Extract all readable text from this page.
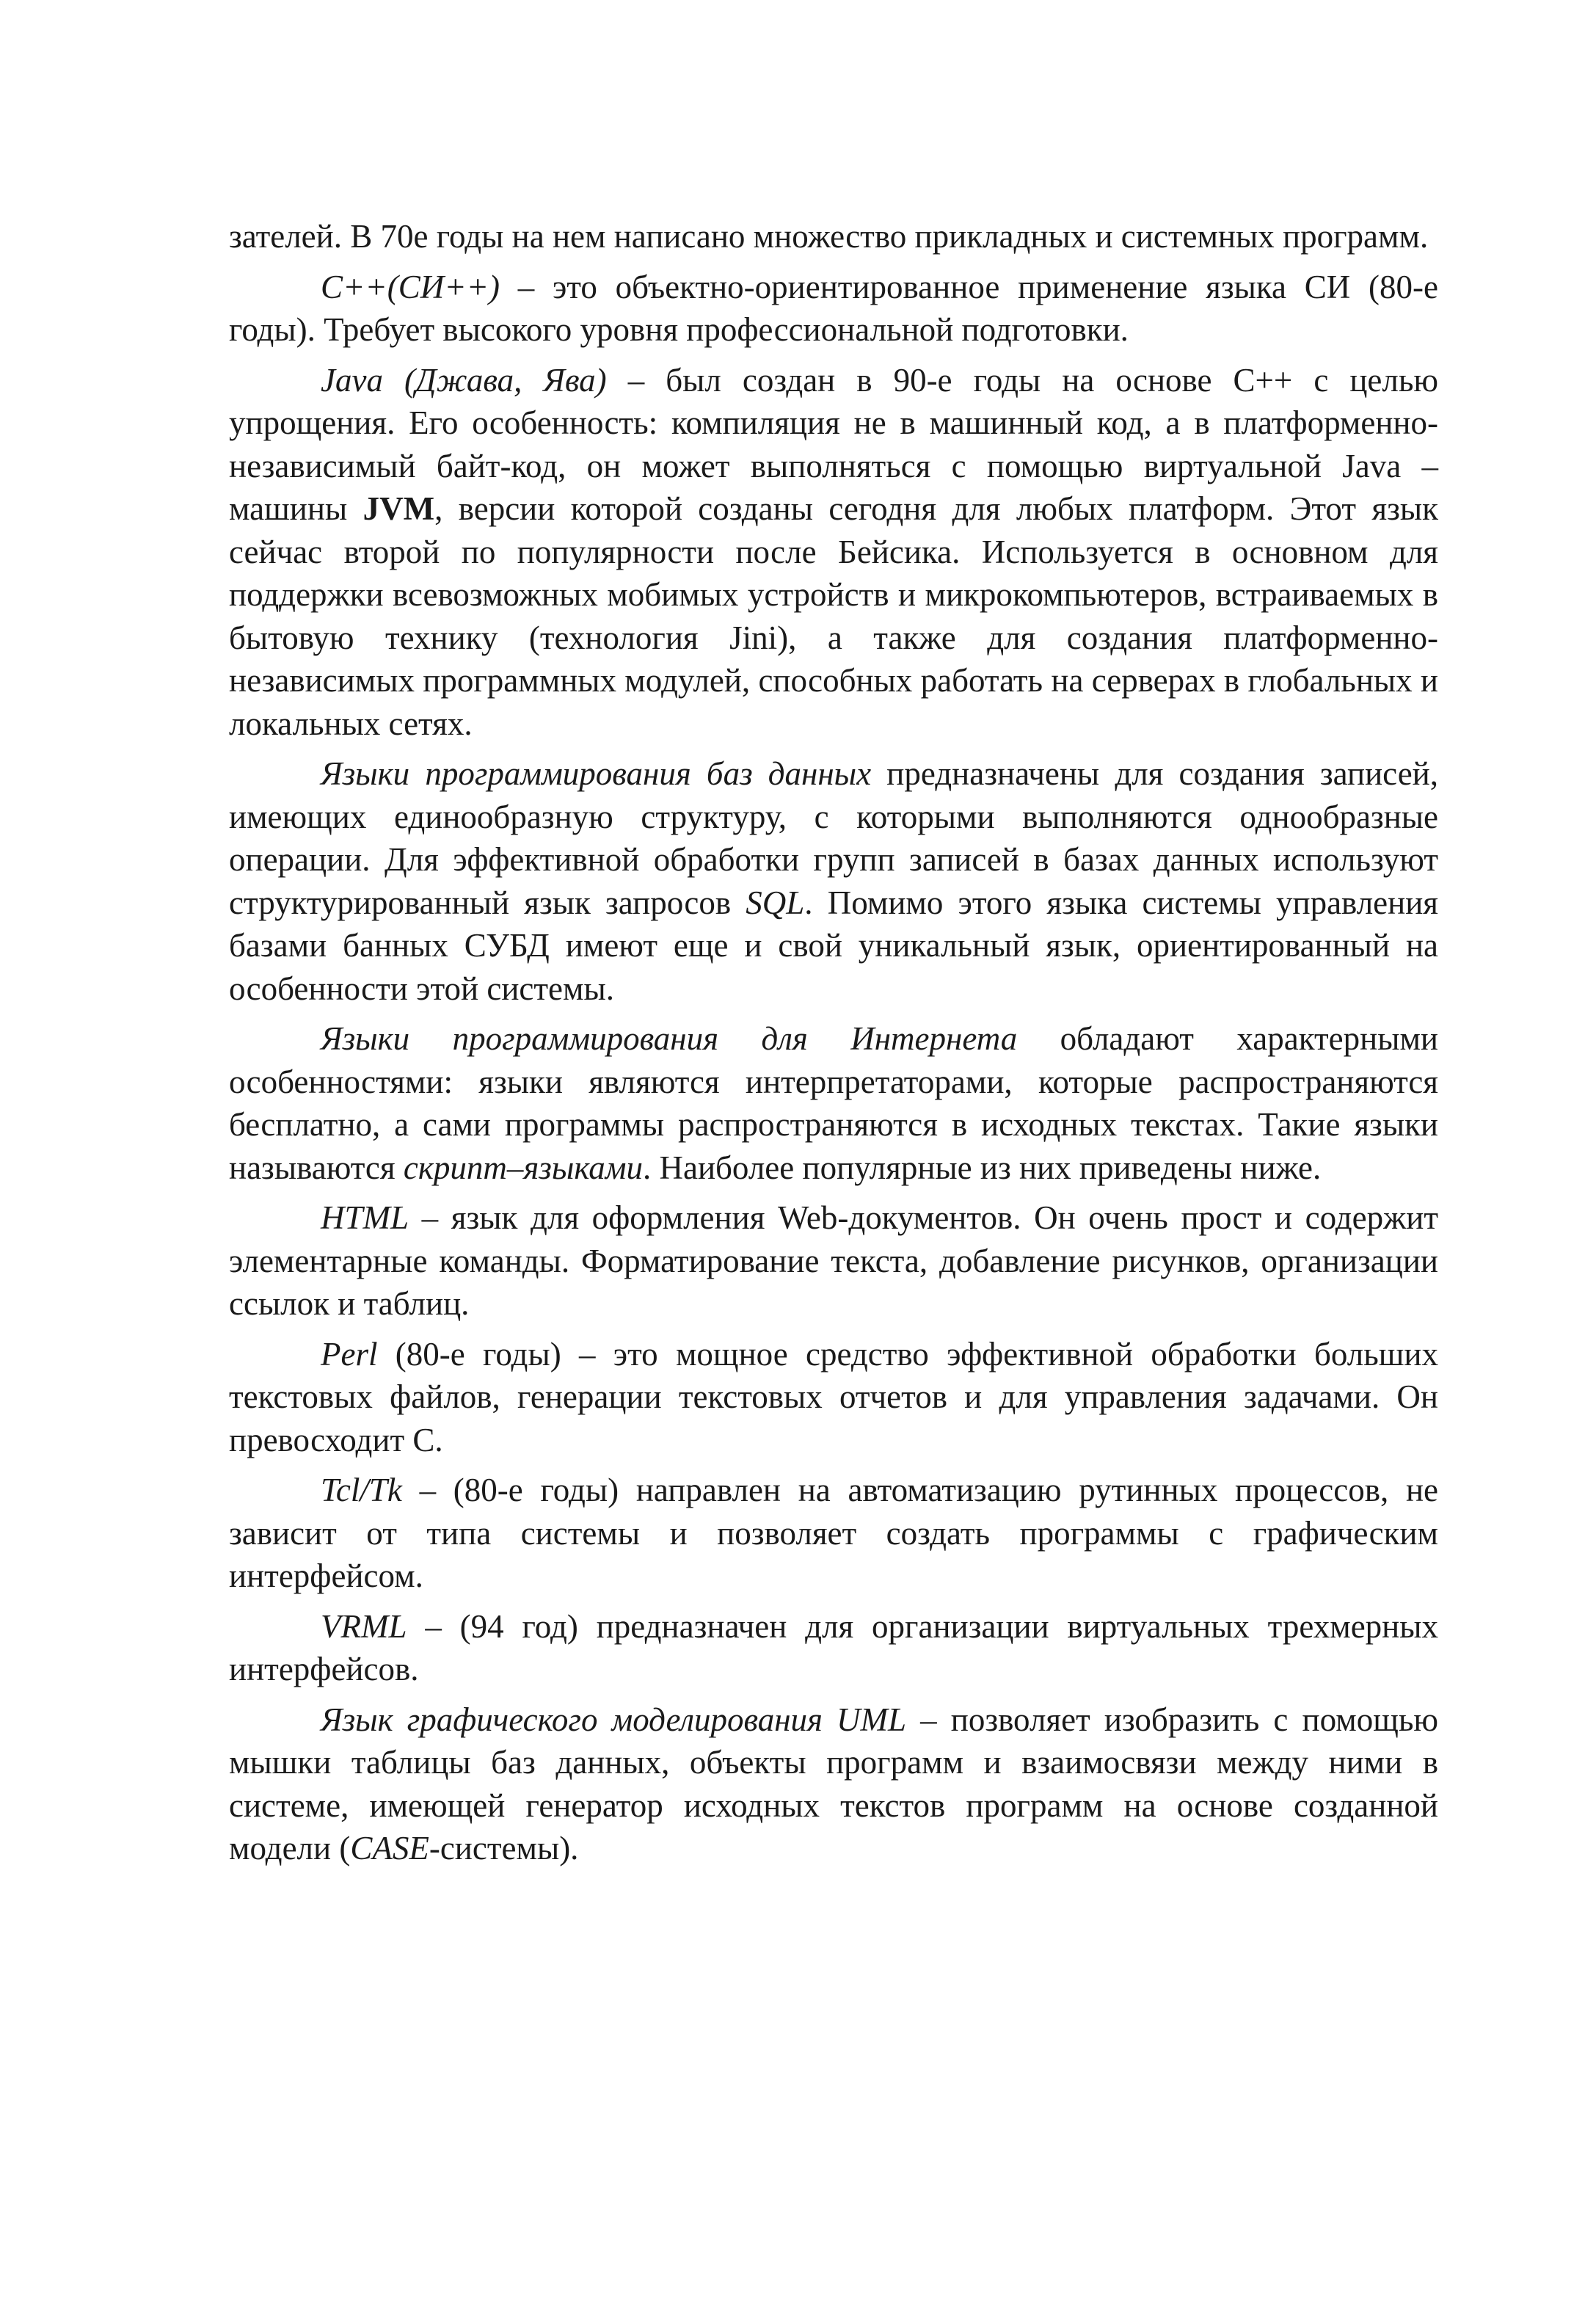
зателей. В 70е годы на нем написано множество прикладных и системных программ.

С++(СИ++) – это объектно-ориентированное применение языка СИ (80-е годы). Требует высокого уровня профессиональной подготовки.

Java (Джава, Ява) – был создан в 90-е годы на основе С++ с целью упрощения. Его особенность: компиляция не в машинный код, а в платформенно-независимый байт-код, он может выполняться с помощью виртуальной Java – машины JVM, версии которой созданы сегодня для любых платформ. Этот язык сейчас второй по популярности после Бейсика. Используется в основном для поддержки всевозможных мобимых устройств и микрокомпьютеров, встраиваемых в бытовую технику (технология Jini), а также для создания платформенно-независимых программных модулей, способных работать на серверах в глобальных и локальных сетях.

Языки программирования баз данных предназначены для создания записей, имеющих единообразную структуру, с которыми выполняются однообразные операции. Для эффективной обработки групп записей в базах данных используют структурированный язык запросов SQL. Помимо этого языка системы управления базами банных СУБД имеют еще и свой уникальный язык, ориентированный на особенности этой системы.

Языки программирования для Интернета обладают характерными особенностями: языки являются интерпретаторами, которые распространяются бесплатно, а сами программы распространяются в исходных текстах. Такие языки называются скрипт–языками. Наиболее популярные из них приведены ниже.

HTML – язык для оформления Web-документов. Он очень прост и содержит элементарные команды. Форматирование текста, добавление рисунков, организации ссылок и таблиц.

Perl (80-е годы) – это мощное средство эффективной обработки больших текстовых файлов, генерации текстовых отчетов и для управления задачами. Он превосходит С.

Tcl/Tk – (80-е годы) направлен на автоматизацию рутинных процессов, не зависит от типа системы и позволяет создать программы с графическим интерфейсом.

VRML – (94 год) предназначен для организации виртуальных трехмерных интерфейсов.

Язык графического моделирования UML – позволяет изобразить с помощью мышки таблицы баз данных, объекты программ и взаимосвязи между ними в системе, имеющей генератор исходных текстов программ на основе созданной модели (CASE-системы).
